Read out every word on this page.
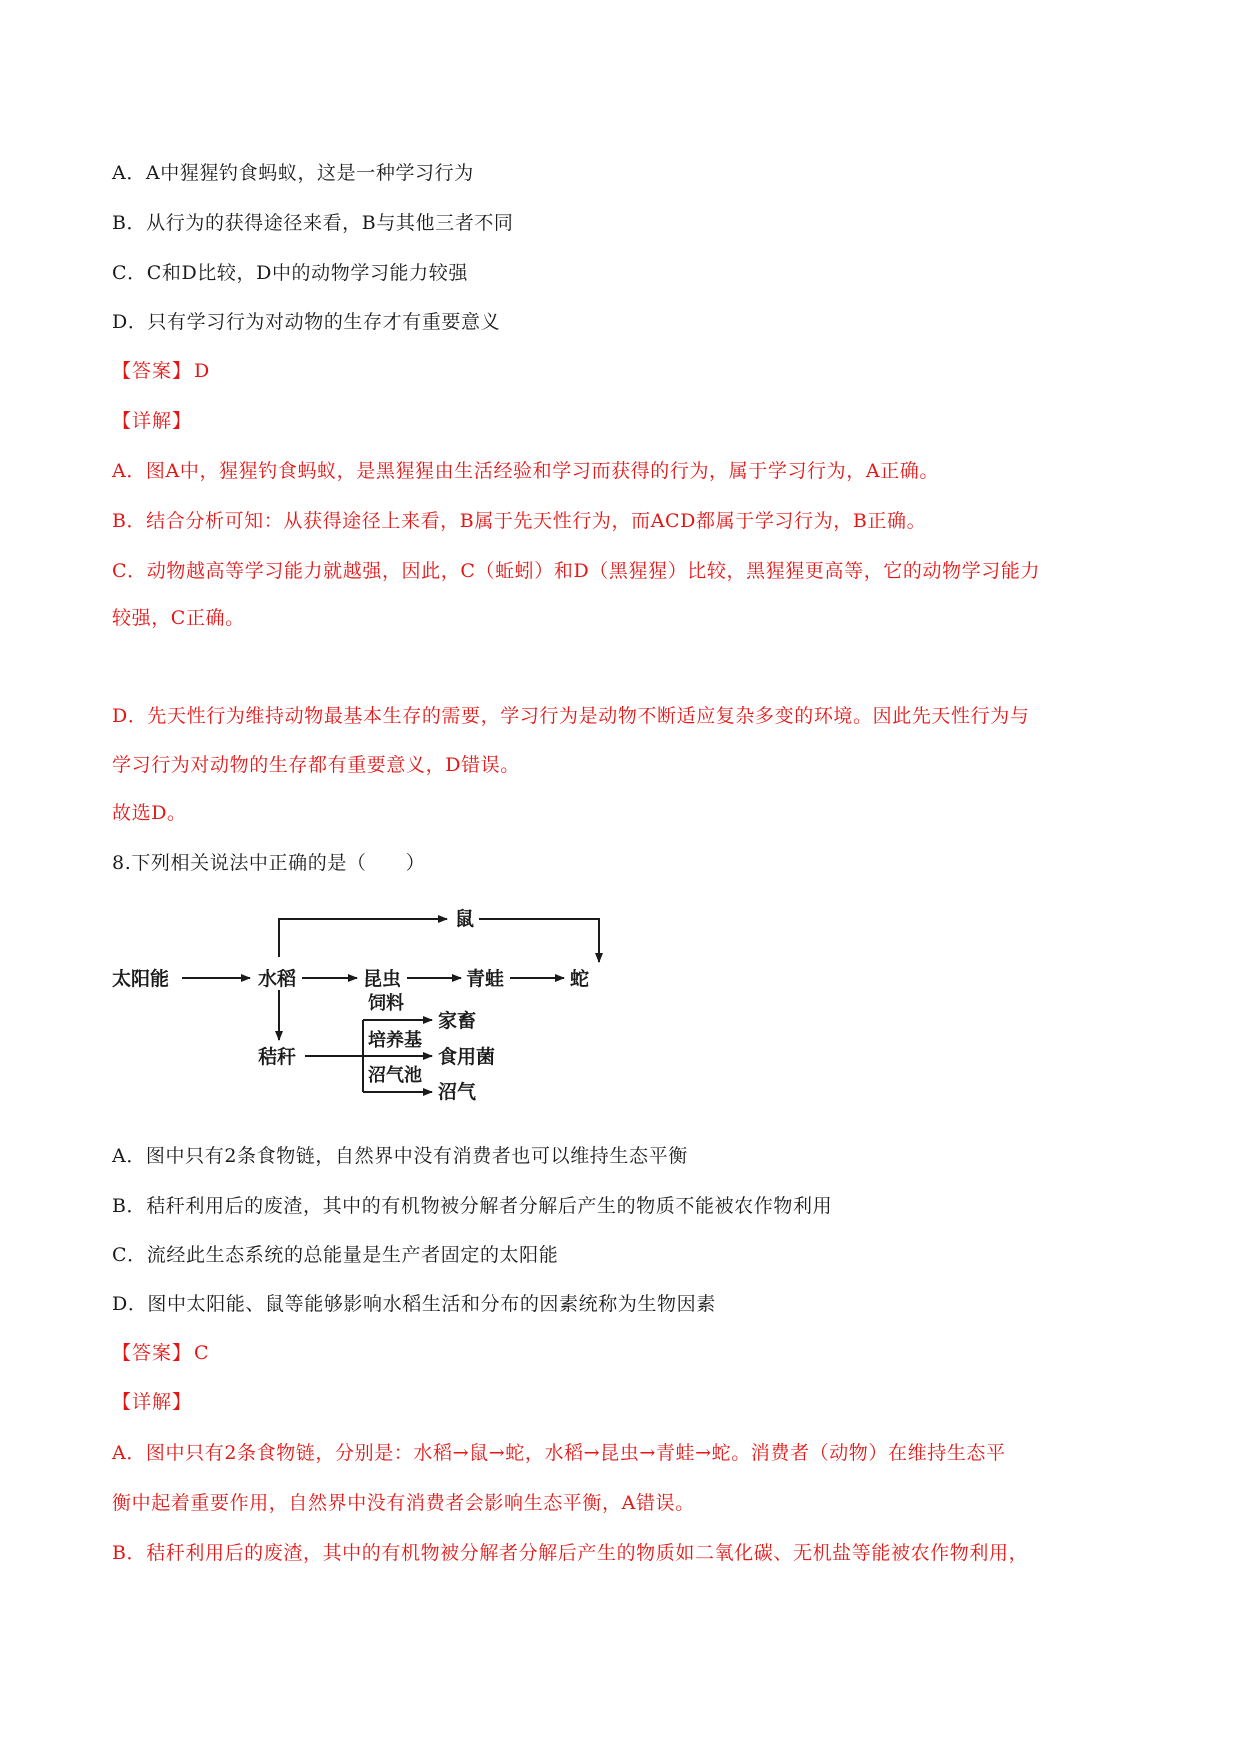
A．A中猩猩钓食蚂蚁，这是一种学习行为
B．从行为的获得途径来看，B与其他三者不同
C．C和D比较，D中的动物学习能力较强
D．只有学习行为对动物的生存才有重要意义
【答案】 D
【详解】
A．图A中，猩猩钓食蚂蚁，是黑猩猩由生活经验和学习而获得的行为，属于学习行为，A正确。
B．结合分析可知：从获得途径上来看，B属于先天性行为，而ACD都属于学习行为，B正确。
C．动物越高等学习能力就越强，因此，C（蚯蚓）和D（黑猩猩）比较，黑猩猩更高等，它的动物学习能力
较强，C正确。
D．先天性行为维持动物最基本生存的需要，学习行为是动物不断适应复杂多变的环境。因此先天性行为与
学习行为对动物的生存都有重要意义，D错误。
故选D。
8.下列相关说法中正确的是（　　）
太阳能	水稻
鼠
昆虫	青蛙	蛇
秸秆
家畜
食用菌
沼气
饲料
培养基
沼气池
A．图中只有2条食物链，自然界中没有消费者也可以维持生态平衡
B．秸秆利用后的废渣，其中的有机物被分解者分解后产生的物质不能被农作物利用
C．流经此生态系统的总能量是生产者固定的太阳能
D．图中太阳能、鼠等能够影响水稻生活和分布的因素统称为生物因素
【答案】 C
【详解】
A．图中只有2条食物链，分别是：水稻→鼠→蛇，水稻→昆虫→青蛙→蛇。消费者（动物）在维持生态平
衡中起着重要作用，自然界中没有消费者会影响生态平衡，A错误。
B．秸秆利用后的废渣，其中的有机物被分解者分解后产生的物质如二氧化碳、无机盐等能被农作物利用，
